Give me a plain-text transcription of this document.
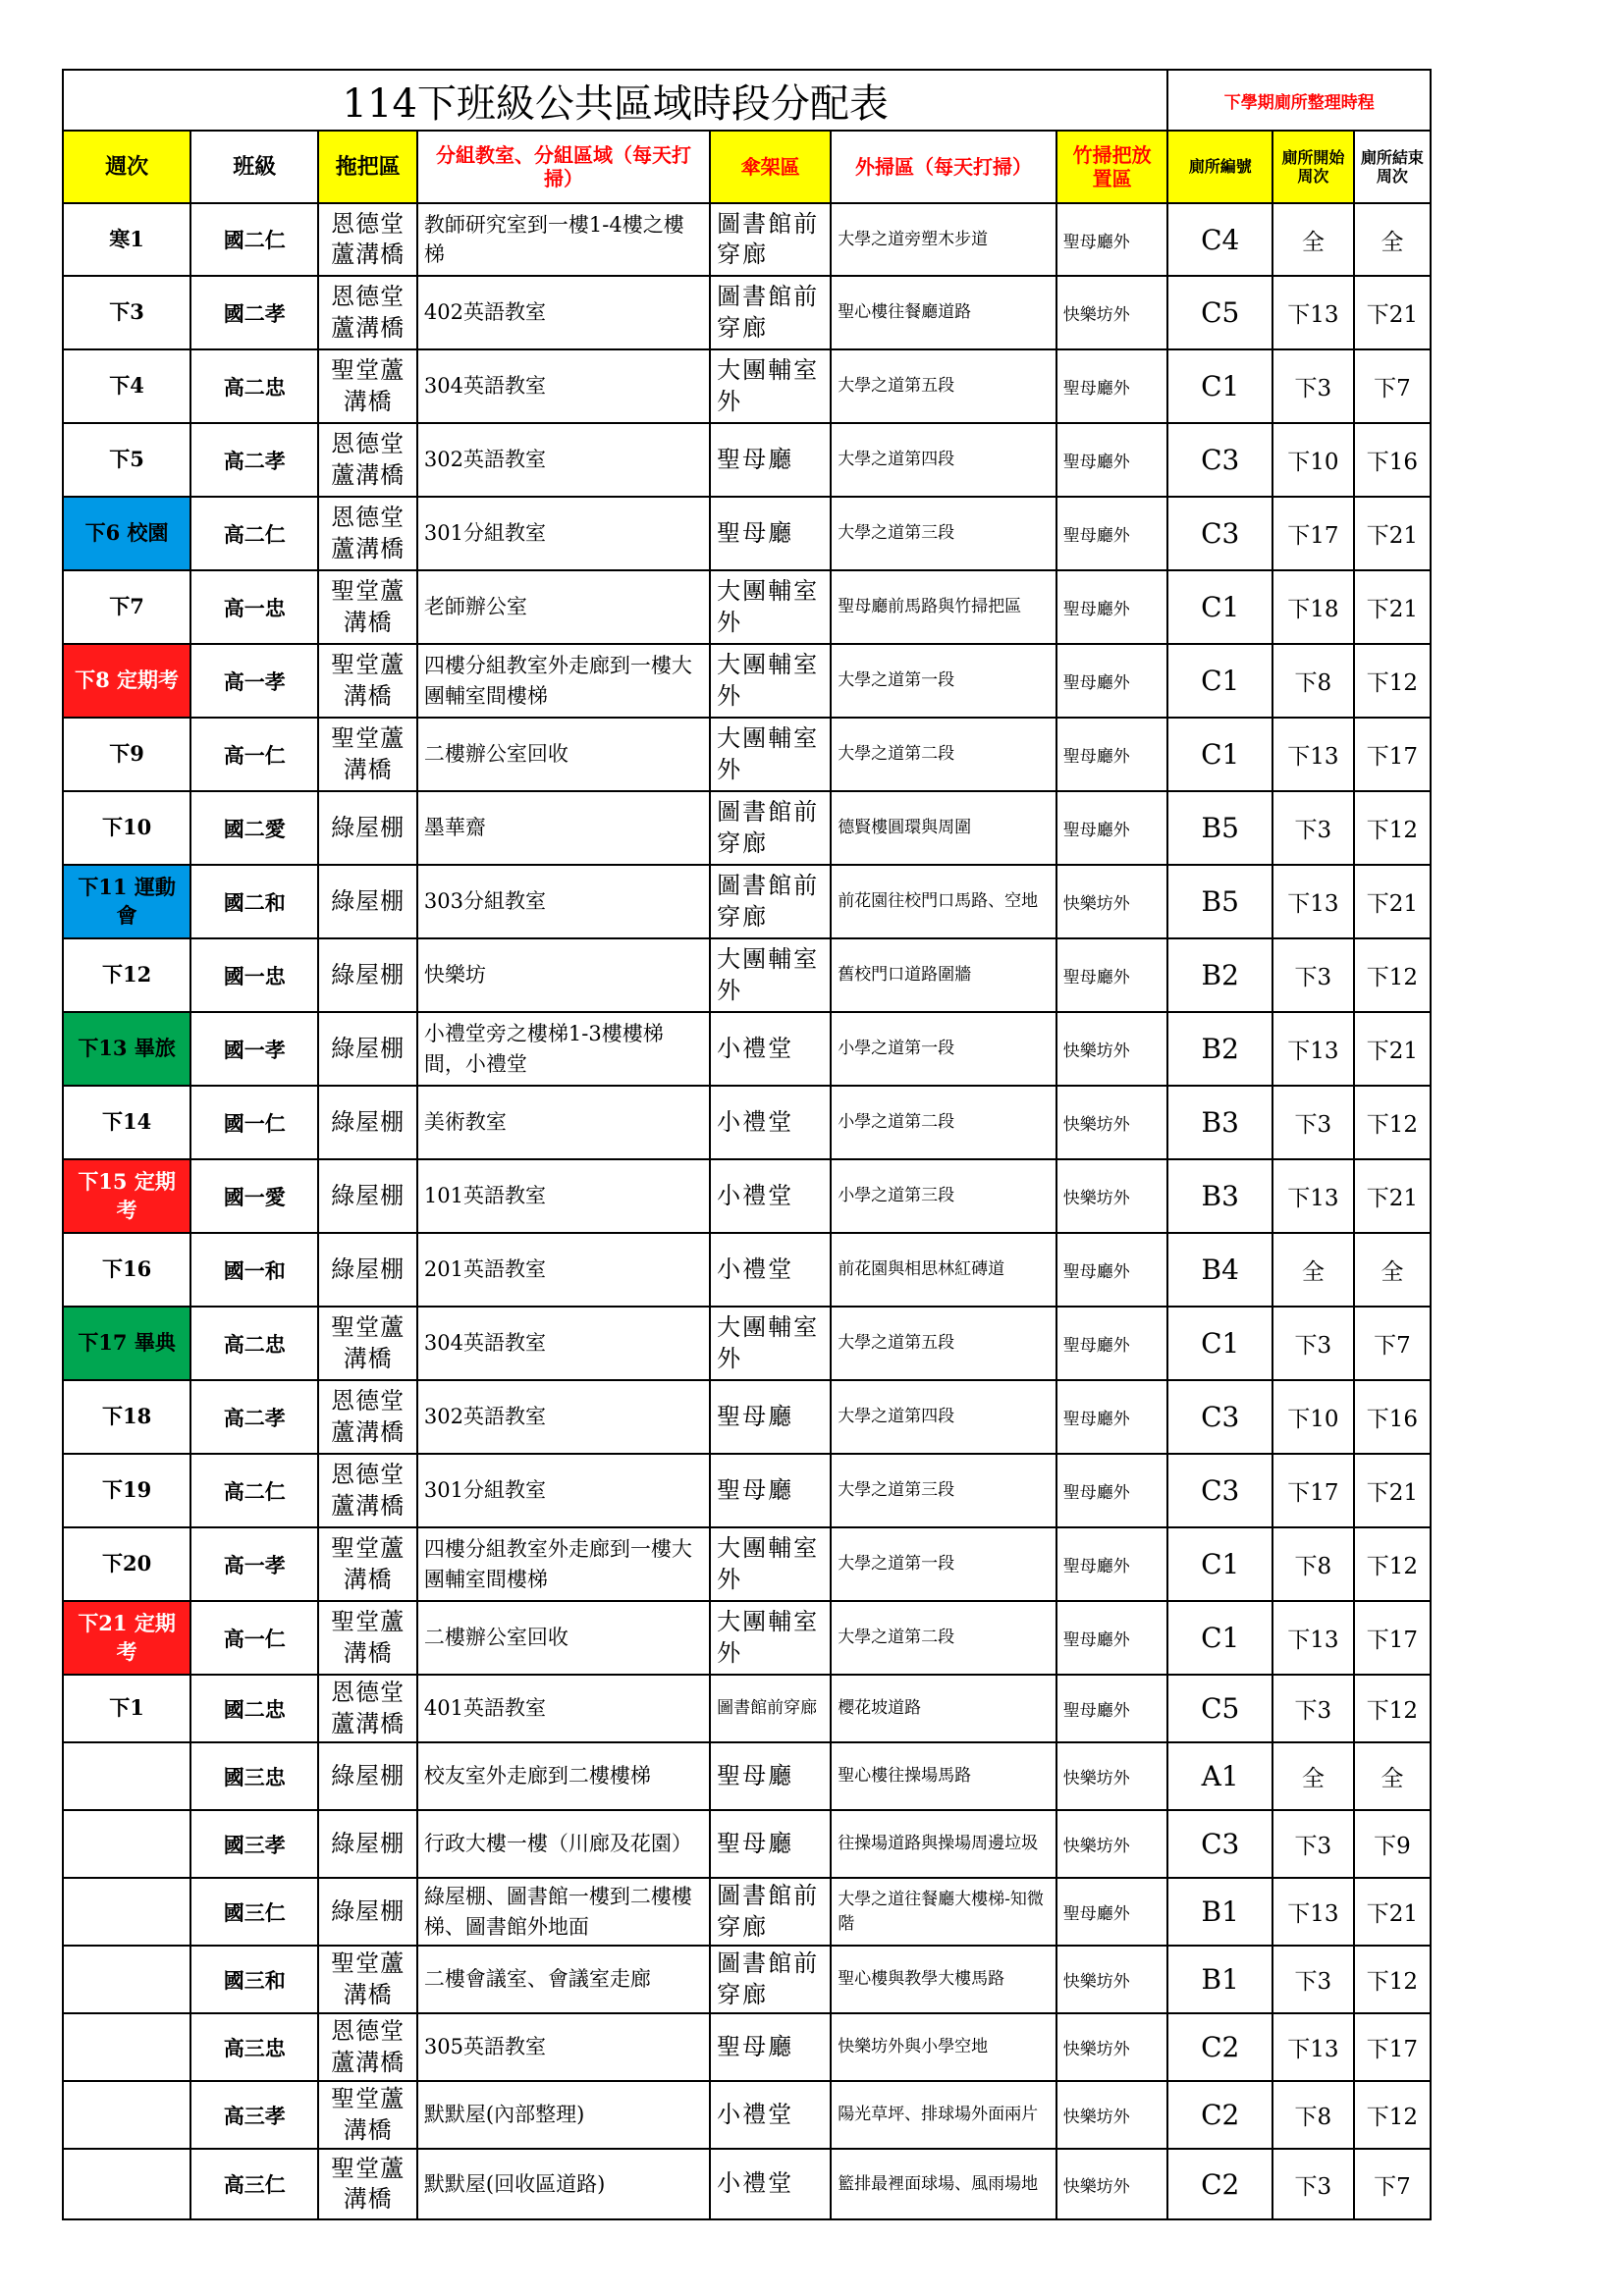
114下班級公共區域時段分配表							下學期廁所整理時程		
週次	班級	拖把區	分組教室、分組區域（每天打掃）	傘架區	外掃區（每天打掃）	竹掃把放置區	廁所編號	廁所開始周次	廁所結束周次
寒1	國二仁	恩德堂蘆溝橋	教師研究室到一樓1-4樓之樓梯	圖書館前穿廊	大學之道旁塑木步道	聖母廳外	C4	全	全
下3	國二孝	恩德堂蘆溝橋	402英語教室	圖書館前穿廊	聖心樓往餐廳道路	快樂坊外	C5	下13	下21
下4	高二忠	聖堂蘆溝橋	304英語教室	大團輔室外	大學之道第五段	聖母廳外	C1	下3	下7
下5	高二孝	恩德堂蘆溝橋	302英語教室	聖母廳	大學之道第四段	聖母廳外	C3	下10	下16
下6 校園	高二仁	恩德堂蘆溝橋	301分組教室	聖母廳	大學之道第三段	聖母廳外	C3	下17	下21
下7	高一忠	聖堂蘆溝橋	老師辦公室	大團輔室外	聖母廳前馬路與竹掃把區	聖母廳外	C1	下18	下21
下8 定期考	高一孝	聖堂蘆溝橋	四樓分組教室外走廊到一樓大團輔室間樓梯	大團輔室外	大學之道第一段	聖母廳外	C1	下8	下12
下9	高一仁	聖堂蘆溝橋	二樓辦公室回收	大團輔室外	大學之道第二段	聖母廳外	C1	下13	下17
下10	國二愛	綠屋棚	墨華齋	圖書館前穿廊	德賢樓圓環與周圍	聖母廳外	B5	下3	下12
下11 運動會	國二和	綠屋棚	303分組教室	圖書館前穿廊	前花園往校門口馬路、空地	快樂坊外	B5	下13	下21
下12	國一忠	綠屋棚	快樂坊	大團輔室外	舊校門口道路圍牆	聖母廳外	B2	下3	下12
下13 畢旅	國一孝	綠屋棚	小禮堂旁之樓梯1-3樓樓梯間，小禮堂	小禮堂	小學之道第一段	快樂坊外	B2	下13	下21
下14	國一仁	綠屋棚	美術教室	小禮堂	小學之道第二段	快樂坊外	B3	下3	下12
下15 定期考	國一愛	綠屋棚	101英語教室	小禮堂	小學之道第三段	快樂坊外	B3	下13	下21
下16	國一和	綠屋棚	201英語教室	小禮堂	前花園與相思林紅磚道	聖母廳外	B4	全	全
下17 畢典	高二忠	聖堂蘆溝橋	304英語教室	大團輔室外	大學之道第五段	聖母廳外	C1	下3	下7
下18	高二孝	恩德堂蘆溝橋	302英語教室	聖母廳	大學之道第四段	聖母廳外	C3	下10	下16
下19	高二仁	恩德堂蘆溝橋	301分組教室	聖母廳	大學之道第三段	聖母廳外	C3	下17	下21
下20	高一孝	聖堂蘆溝橋	四樓分組教室外走廊到一樓大團輔室間樓梯	大團輔室外	大學之道第一段	聖母廳外	C1	下8	下12
下21 定期考	高一仁	聖堂蘆溝橋	二樓辦公室回收	大團輔室外	大學之道第二段	聖母廳外	C1	下13	下17
下1	國二忠	恩德堂蘆溝橋	401英語教室	圖書館前穿廊	櫻花坡道路	聖母廳外	C5	下3	下12
	國三忠	綠屋棚	校友室外走廊到二樓樓梯	聖母廳	聖心樓往操場馬路	快樂坊外	A1	全	全
	國三孝	綠屋棚	行政大樓一樓（川廊及花園）	聖母廳	往操場道路與操場周邊垃圾	快樂坊外	C3	下3	下9
	國三仁	綠屋棚	綠屋棚、圖書館一樓到二樓樓梯、圖書館外地面	圖書館前穿廊	大學之道往餐廳大樓梯-知微階	聖母廳外	B1	下13	下21
	國三和	聖堂蘆溝橋	二樓會議室、會議室走廊	圖書館前穿廊	聖心樓與教學大樓馬路	快樂坊外	B1	下3	下12
	高三忠	恩德堂蘆溝橋	305英語教室	聖母廳	快樂坊外與小學空地	快樂坊外	C2	下13	下17
	高三孝	聖堂蘆溝橋	默默屋(內部整理)	小禮堂	陽光草坪、排球場外面兩片	快樂坊外	C2	下8	下12
	高三仁	聖堂蘆溝橋	默默屋(回收區道路)	小禮堂	籃排最裡面球場、風雨場地	快樂坊外	C2	下3	下7
